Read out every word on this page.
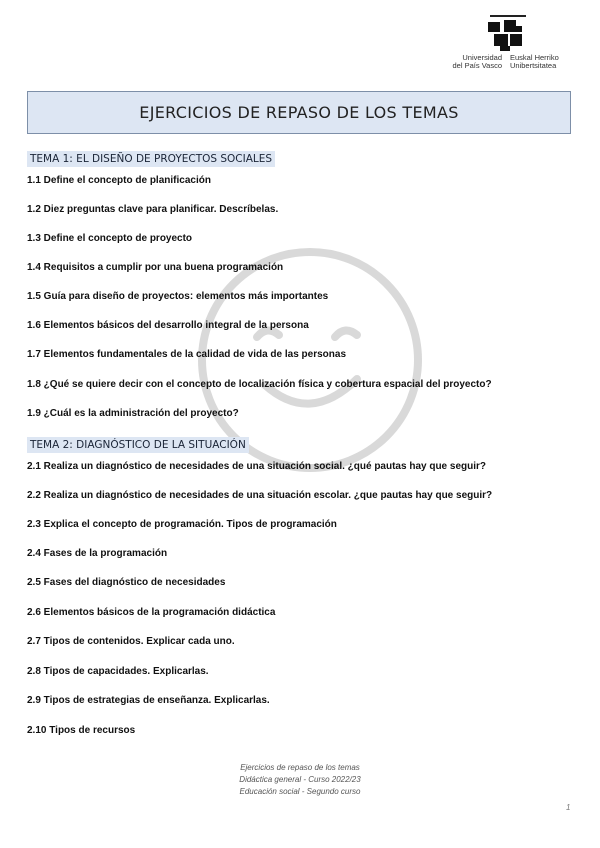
Universidad
del País Vasco
Euskal Herriko
Unibertsitatea
EJERCICIOS DE REPASO DE LOS TEMAS
TEMA 1: EL DISEÑO DE PROYECTOS SOCIALES
1.1 Define el concepto de planificación
1.2 Diez preguntas clave para planificar. Descríbelas.
1.3 Define el concepto de proyecto
1.4 Requisitos a cumplir por una buena programación
1.5 Guía para diseño de proyectos: elementos más importantes
1.6 Elementos básicos del desarrollo integral de la persona
1.7 Elementos fundamentales de la calidad de vida de las personas
1.8 ¿Qué se quiere decir con el concepto de localización física y cobertura espacial del proyecto?
1.9 ¿Cuál es la administración del proyecto?
TEMA 2: DIAGNÓSTICO DE LA SITUACIÓN
2.1 Realiza un diagnóstico de necesidades de una situación social. ¿qué pautas hay que seguir?
2.2 Realiza un diagnóstico de necesidades de una situación escolar. ¿que pautas hay que seguir?
2.3 Explica el concepto de programación. Tipos de programación
2.4 Fases de la programación
2.5 Fases del diagnóstico de necesidades
2.6 Elementos básicos de la programación didáctica
2.7 Tipos de contenidos. Explicar cada uno.
2.8 Tipos de capacidades. Explicarlas.
2.9 Tipos de estrategias de enseñanza. Explicarlas.
2.10 Tipos de recursos
Ejercicios de repaso de los temas
Didáctica general - Curso 2022/23
Educación social - Segundo curso
1
